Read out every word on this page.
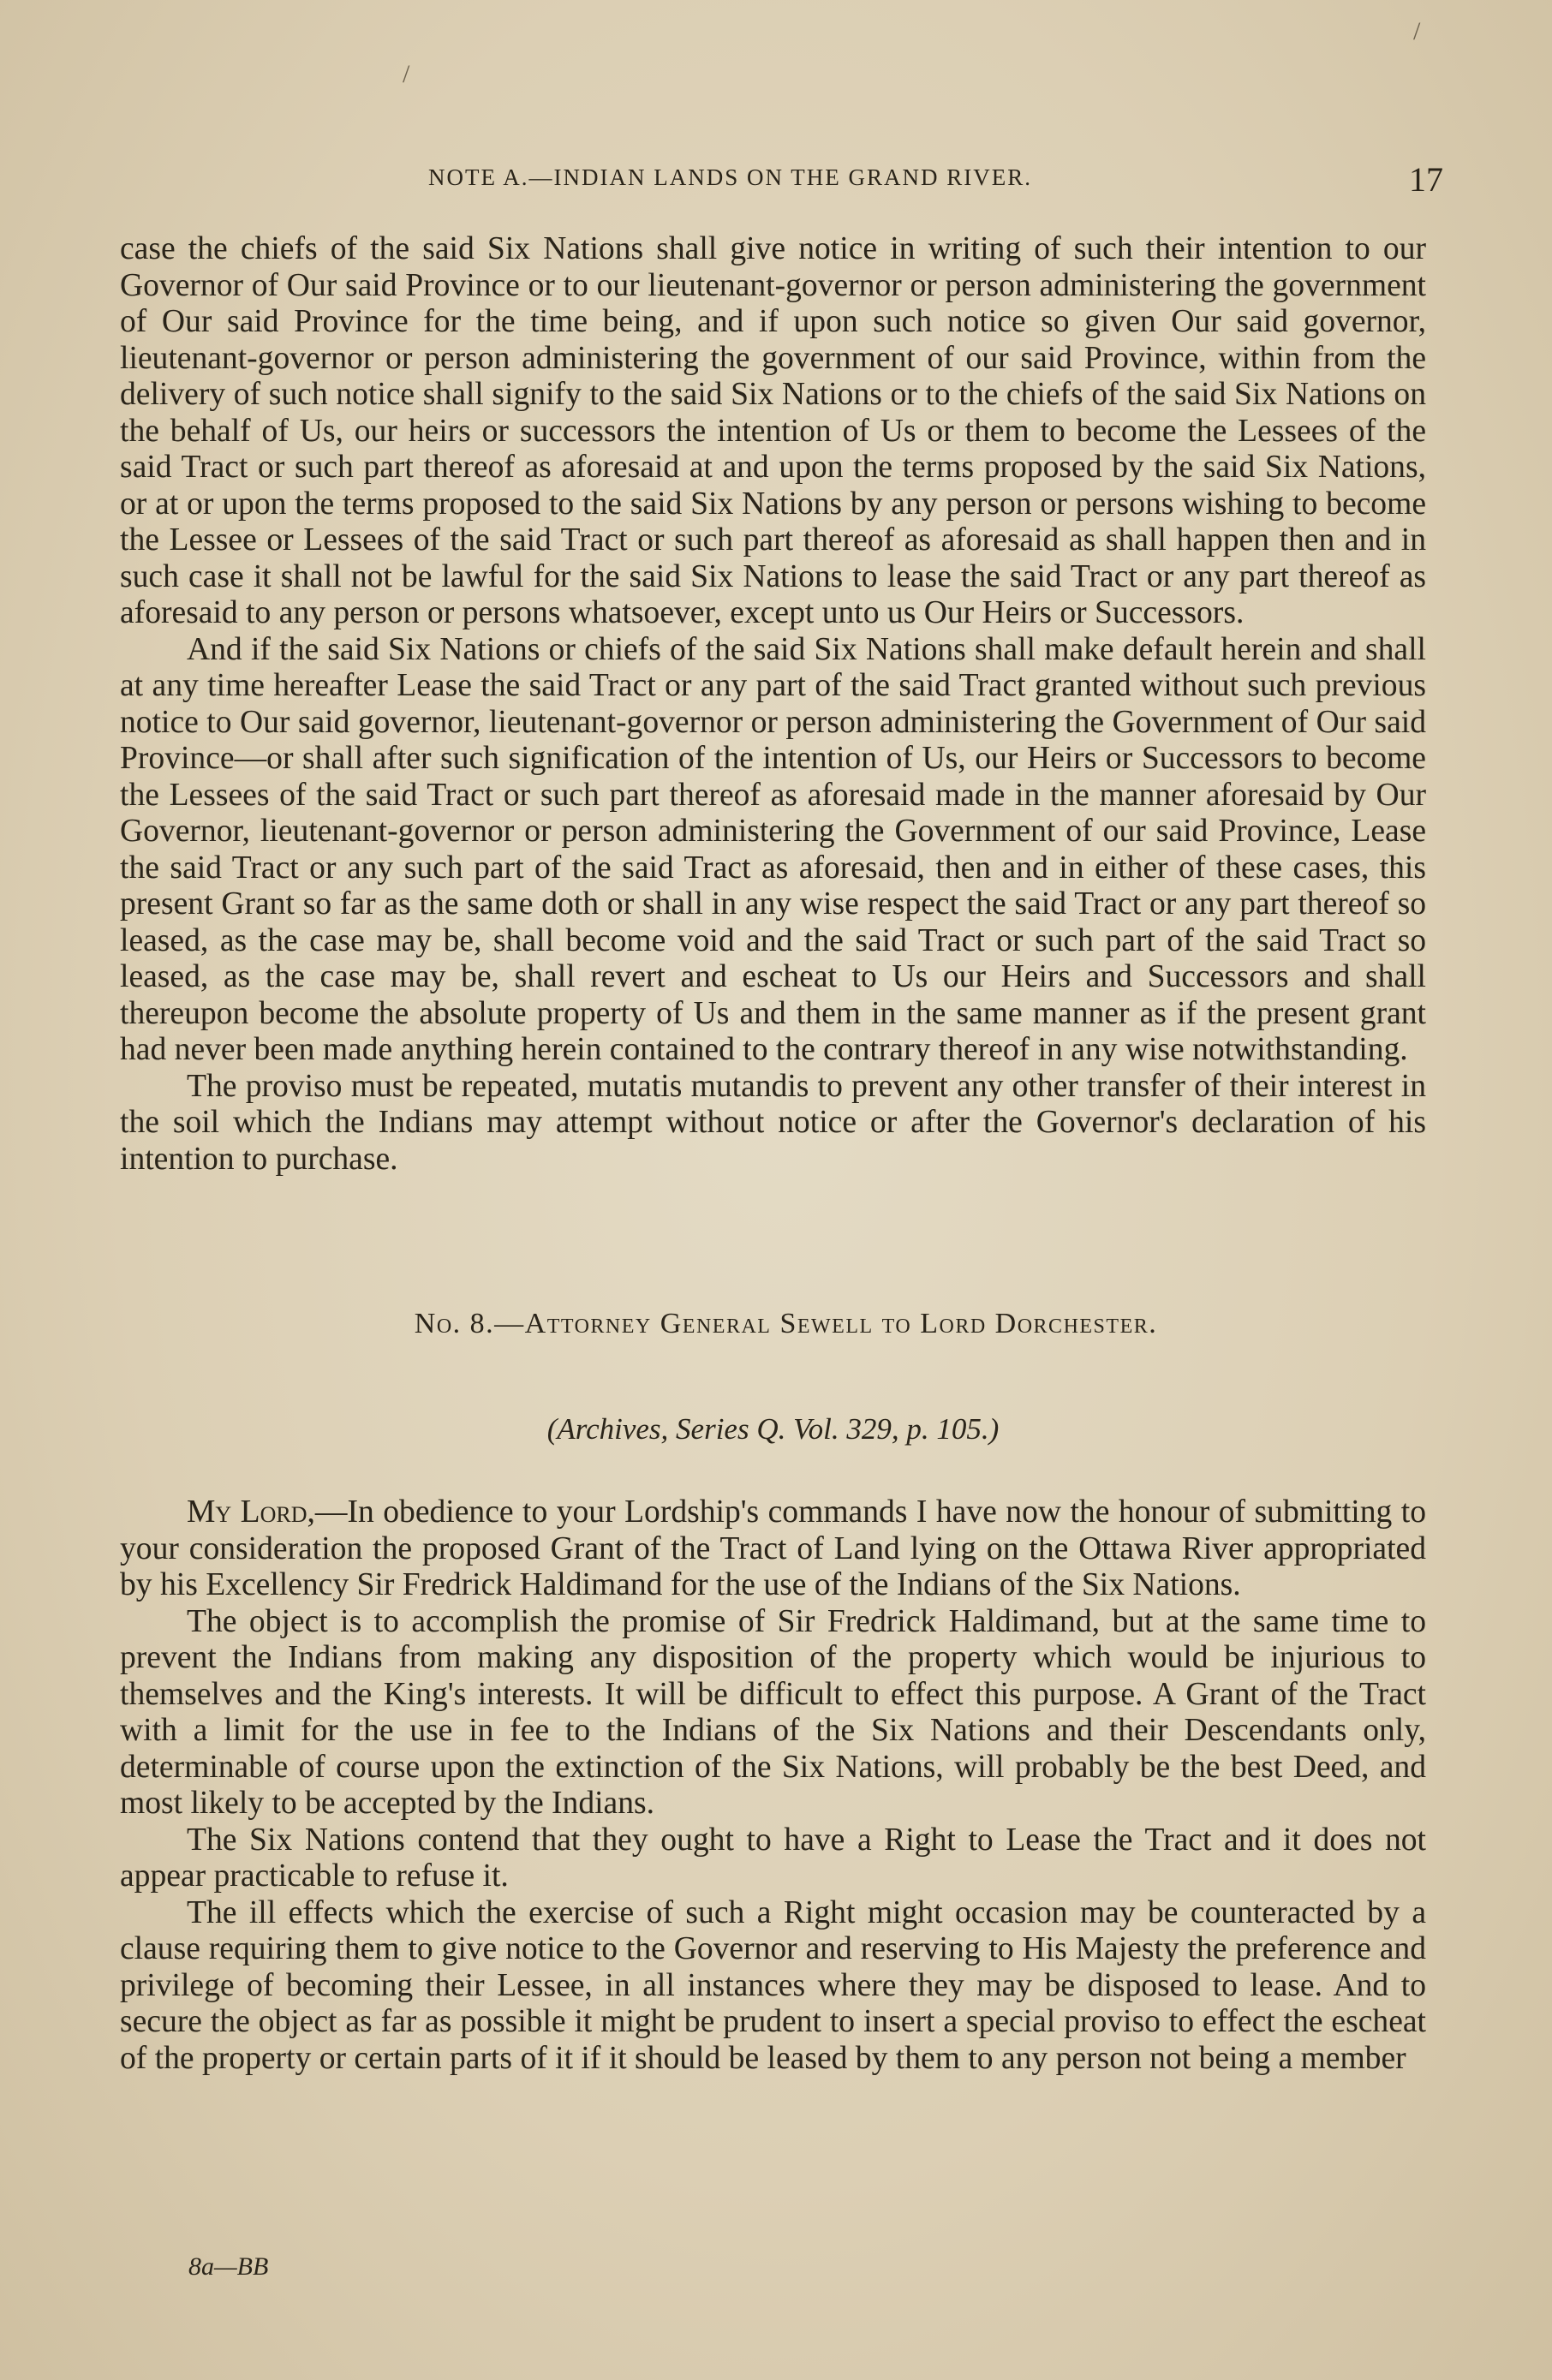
NOTE A.—INDIAN LANDS ON THE GRAND RIVER.	17

case the chiefs of the said Six Nations shall give notice in writing of such their intention to our Governor of Our said Province or to our lieutenant-governor or person administering the government of Our said Province for the time being, and if upon such notice so given Our said governor, lieutenant-governor or person administering the government of our said Province, within from the delivery of such notice shall signify to the said Six Nations or to the chiefs of the said Six Nations on the behalf of Us, our heirs or successors the intention of Us or them to become the Lessees of the said Tract or such part thereof as aforesaid at and upon the terms proposed by the said Six Nations, or at or upon the terms proposed to the said Six Nations by any person or persons wishing to become the Lessee or Lessees of the said Tract or such part thereof as aforesaid as shall happen then and in such case it shall not be lawful for the said Six Nations to lease the said Tract or any part thereof as aforesaid to any person or persons whatsoever, except unto us Our Heirs or Successors.

And if the said Six Nations or chiefs of the said Six Nations shall make default herein and shall at any time hereafter Lease the said Tract or any part of the said Tract granted without such previous notice to Our said governor, lieutenant-governor or person administering the Government of Our said Province—or shall after such signification of the intention of Us, our Heirs or Successors to become the Lessees of the said Tract or such part thereof as aforesaid made in the manner aforesaid by Our Governor, lieutenant-governor or person administering the Government of our said Province, Lease the said Tract or any such part of the said Tract as aforesaid, then and in either of these cases, this present Grant so far as the same doth or shall in any wise respect the said Tract or any part thereof so leased, as the case may be, shall become void and the said Tract or such part of the said Tract so leased, as the case may be, shall revert and escheat to Us our Heirs and Successors and shall thereupon become the absolute property of Us and them in the same manner as if the present grant had never been made anything herein contained to the contrary thereof in any wise notwithstanding.

The proviso must be repeated, mutatis mutandis to prevent any other transfer of their interest in the soil which the Indians may attempt without notice or after the Governor's declaration of his intention to purchase.

No. 8.—Attorney General Sewell to Lord Dorchester.

(Archives, Series Q. Vol. 329, p. 105.)

My Lord,—In obedience to your Lordship's commands I have now the honour of submitting to your consideration the proposed Grant of the Tract of Land lying on the Ottawa River appropriated by his Excellency Sir Fredrick Haldimand for the use of the Indians of the Six Nations.

The object is to accomplish the promise of Sir Fredrick Haldimand, but at the same time to prevent the Indians from making any disposition of the property which would be injurious to themselves and the King's interests. It will be difficult to effect this purpose. A Grant of the Tract with a limit for the use in fee to the Indians of the Six Nations and their Descendants only, determinable of course upon the extinction of the Six Nations, will probably be the best Deed, and most likely to be accepted by the Indians.

The Six Nations contend that they ought to have a Right to Lease the Tract and it does not appear practicable to refuse it.

The ill effects which the exercise of such a Right might occasion may be counteracted by a clause requiring them to give notice to the Governor and reserving to His Majesty the preference and privilege of becoming their Lessee, in all instances where they may be disposed to lease. And to secure the object as far as possible it might be prudent to insert a special proviso to effect the escheat of the property or certain parts of it if it should be leased by them to any person not being a member

8a—BB
/
/
